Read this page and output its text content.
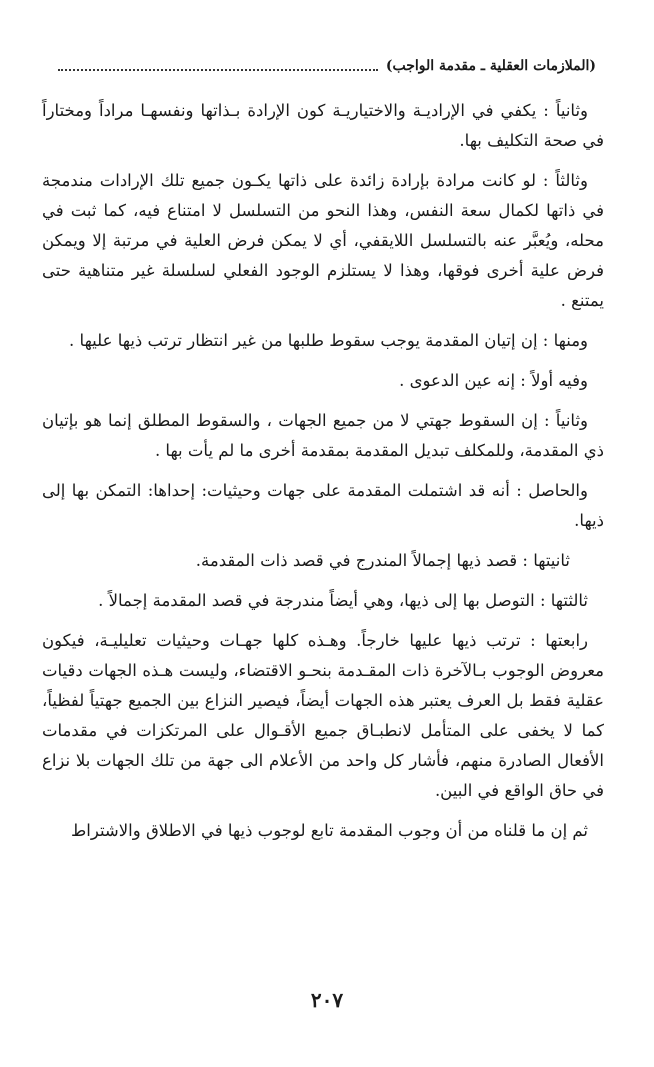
(الملازمات العقلية ـ مقدمة الواجب)

وثانياً : يكفي في الإراديـة والاختياريـة كون الإرادة بـذاتها ونفسهـا مراداً ومختاراً في صحة التكليف بها.

وثالثاً : لو كانت مرادة بإرادة زائدة على ذاتها يكـون جميع تلك الإرادات مندمجة في ذاتها لكمال سعة النفس، وهذا النحو من التسلسل لا امتناع فيه، كما ثبت في محله، ويُعبَّر عنه بالتسلسل اللايقفي، أي لا يمكن فرض العلية في مرتبة إلا ويمكن فرض علية أخرى فوقها، وهذا لا يستلزم الوجود الفعلي لسلسلة غير متناهية حتى يمتنع .

ومنها : إن إتيان المقدمة يوجب سقوط طلبها من غير انتظار ترتب ذيها عليها .

وفيه أولاً : إنه عين الدعوى .

وثانياً : إن السقوط جهتي لا من جميع الجهات ، والسقوط المطلق إنما هو بإتيان ذي المقدمة، وللمكلف تبديل المقدمة بمقدمة أخرى ما لم يأت بها .

والحاصل : أنه قد اشتملت المقدمة على جهات وحيثيات: إحداها: التمكن بها إلى ذيها.

ثانيتها : قصد ذيها إجمالاً المندرج في قصد ذات المقدمة.

ثالثتها : التوصل بها إلى ذيها، وهي أيضاً مندرجة في قصد المقدمة إجمالاً .

رابعتها : ترتب ذيها عليها خارجاً. وهـذه كلها جهـات وحيثيات تعليليـة، فيكون معروض الوجوب بـالآخرة ذات المقـدمة بنحـو الاقتضاء، وليست هـذه الجهات دقيات عقلية فقط بل العرف يعتبر هذه الجهات أيضاً، فيصير النزاع بين الجميع جهتياً لفظياً، كما لا يخفى على المتأمل لانطبـاق جميع الأقـوال على المرتكزات في مقدمات الأفعال الصادرة منهم، فأشار كل واحد من الأعلام الى جهة من تلك الجهات بلا نزاع في حاق الواقع في البين.

ثم إن ما قلناه من أن وجوب المقدمة تابع لوجوب ذيها في الاطلاق والاشتراط

٢٠٧
